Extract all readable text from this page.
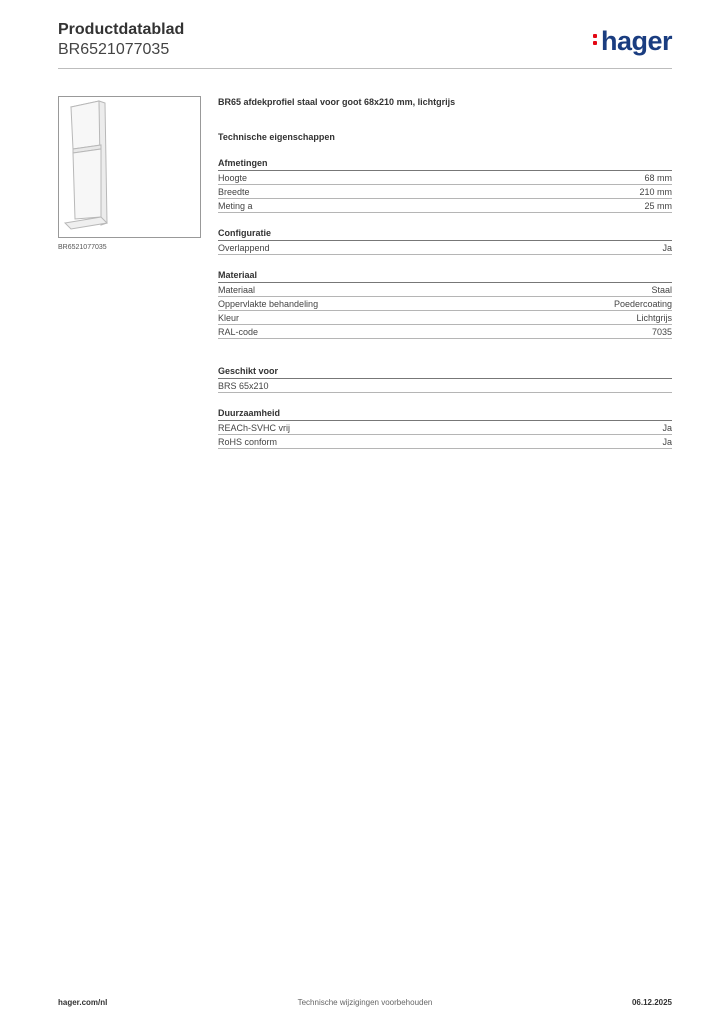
Productdatablad
BR6521077035	hager
BR6521077035
BR65 afdekprofiel staal voor goot 68x210 mm, lichtgrijs
Technische eigenschappen
Afmetingen
Hoogte	68 mm
Breedte	210 mm
Meting a	25 mm
Configuratie
Overlappend	Ja
Materiaal
Materiaal	Staal
Oppervlakte behandeling	Poedercoating
Kleur	Lichtgrijs
RAL-code	7035
Geschikt voor
BRS 65x210
Duurzaamheid
REACh-SVHC vrij	Ja
RoHS conform	Ja
hager.com/nl	Technische wijzigingen voorbehouden	06.12.2025
